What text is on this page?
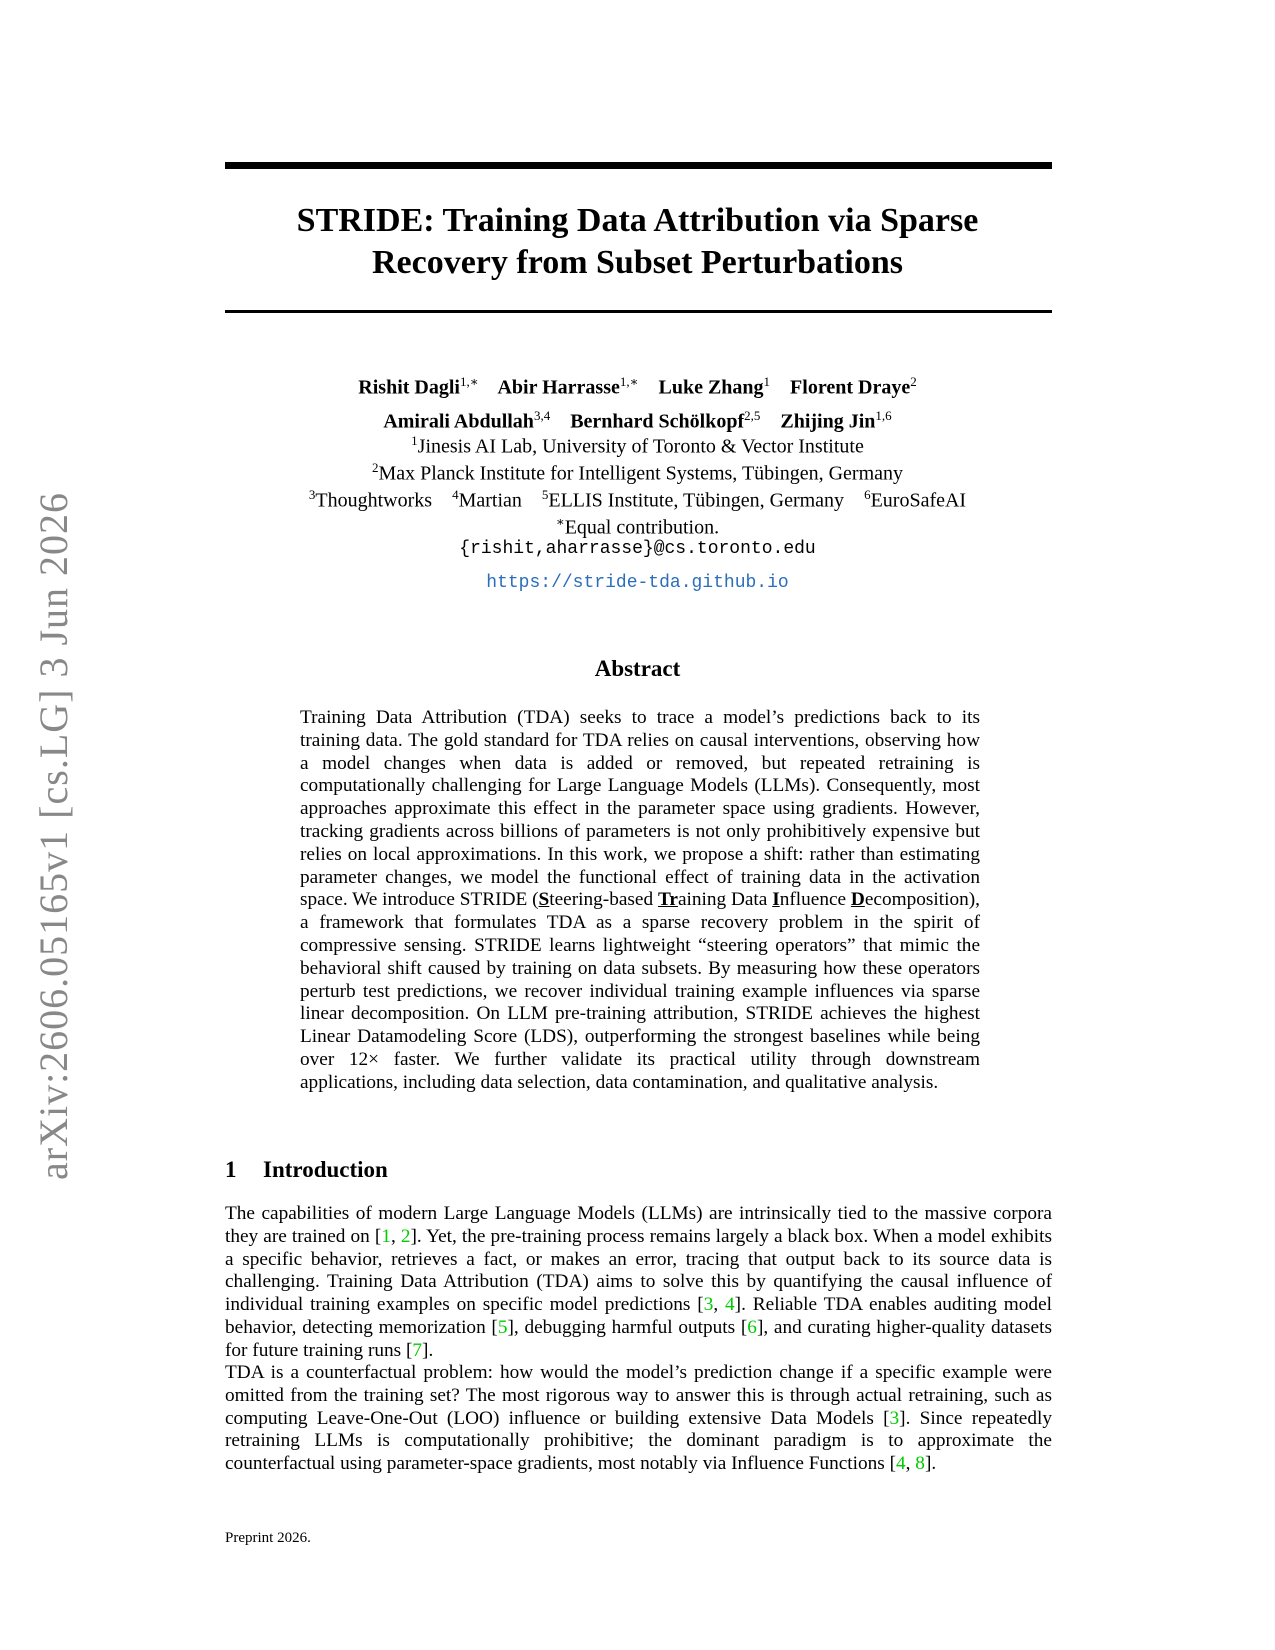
arXiv:2606.05165v1 [cs.LG] 3 Jun 2026
STRIDE: Training Data Attribution via Sparse
Recovery from Subset Perturbations
Rishit Dagli$^{1,∗}$ Abir Harrasse$^{1,∗}$ Luke Zhang$^1$ Florent Draye$^2$
Amirali Abdullah$^{3,4}$ Bernhard Schölkopf$^{2,5}$ Zhijing Jin$^{1,6}$
$^1$Jinesis AI Lab, University of Toronto & Vector Institute
$^2$Max Planck Institute for Intelligent Systems, Tübingen, Germany
$^3$Thoughtworks $^4$Martian $^5$ELLIS Institute, Tübingen, Germany $^6$EuroSafeAI
∗Equal contribution.
{rishit,aharrasse}@cs.toronto.edu
https://stride-tda.github.io
Abstract
Training Data Attribution (TDA) seeks to trace a model’s predictions back to its training data. The gold standard for TDA relies on causal interventions, observing how a model changes when data is added or removed, but repeated retraining is computationally challenging for Large Language Models (LLMs). Consequently, most approaches approximate this effect in the parameter space using gradients. However, tracking gradients across billions of parameters is not only prohibitively expensive but relies on local approximations. In this work, we propose a shift: rather than estimating parameter changes, we model the functional effect of training data in the activation space. We introduce STRIDE (Steering-based Training Data Influence Decomposition), a framework that formulates TDA as a sparse recovery problem in the spirit of compressive sensing. STRIDE learns lightweight “steering operators” that mimic the behavioral shift caused by training on data subsets. By measuring how these operators perturb test predictions, we recover individual training example influences via sparse linear decomposition. On LLM pre-training attribution, STRIDE achieves the highest Linear Datamodeling Score (LDS), outperforming the strongest baselines while being over 12× faster. We further validate its practical utility through downstream applications, including data selection, data contamination, and qualitative analysis.
1 Introduction
The capabilities of modern Large Language Models (LLMs) are intrinsically tied to the massive corpora they are trained on [1, 2]. Yet, the pre-training process remains largely a black box. When a model exhibits a specific behavior, retrieves a fact, or makes an error, tracing that output back to its source data is challenging. Training Data Attribution (TDA) aims to solve this by quantifying the causal influence of individual training examples on specific model predictions [3, 4]. Reliable TDA enables auditing model behavior, detecting memorization [5], debugging harmful outputs [6], and curating higher-quality datasets for future training runs [7].
TDA is a counterfactual problem: how would the model’s prediction change if a specific example were omitted from the training set? The most rigorous way to answer this is through actual retraining, such as computing Leave-One-Out (LOO) influence or building extensive Data Models [3]. Since repeatedly retraining LLMs is computationally prohibitive; the dominant paradigm is to approximate the counterfactual using parameter-space gradients, most notably via Influence Functions [4, 8].
Preprint 2026.
